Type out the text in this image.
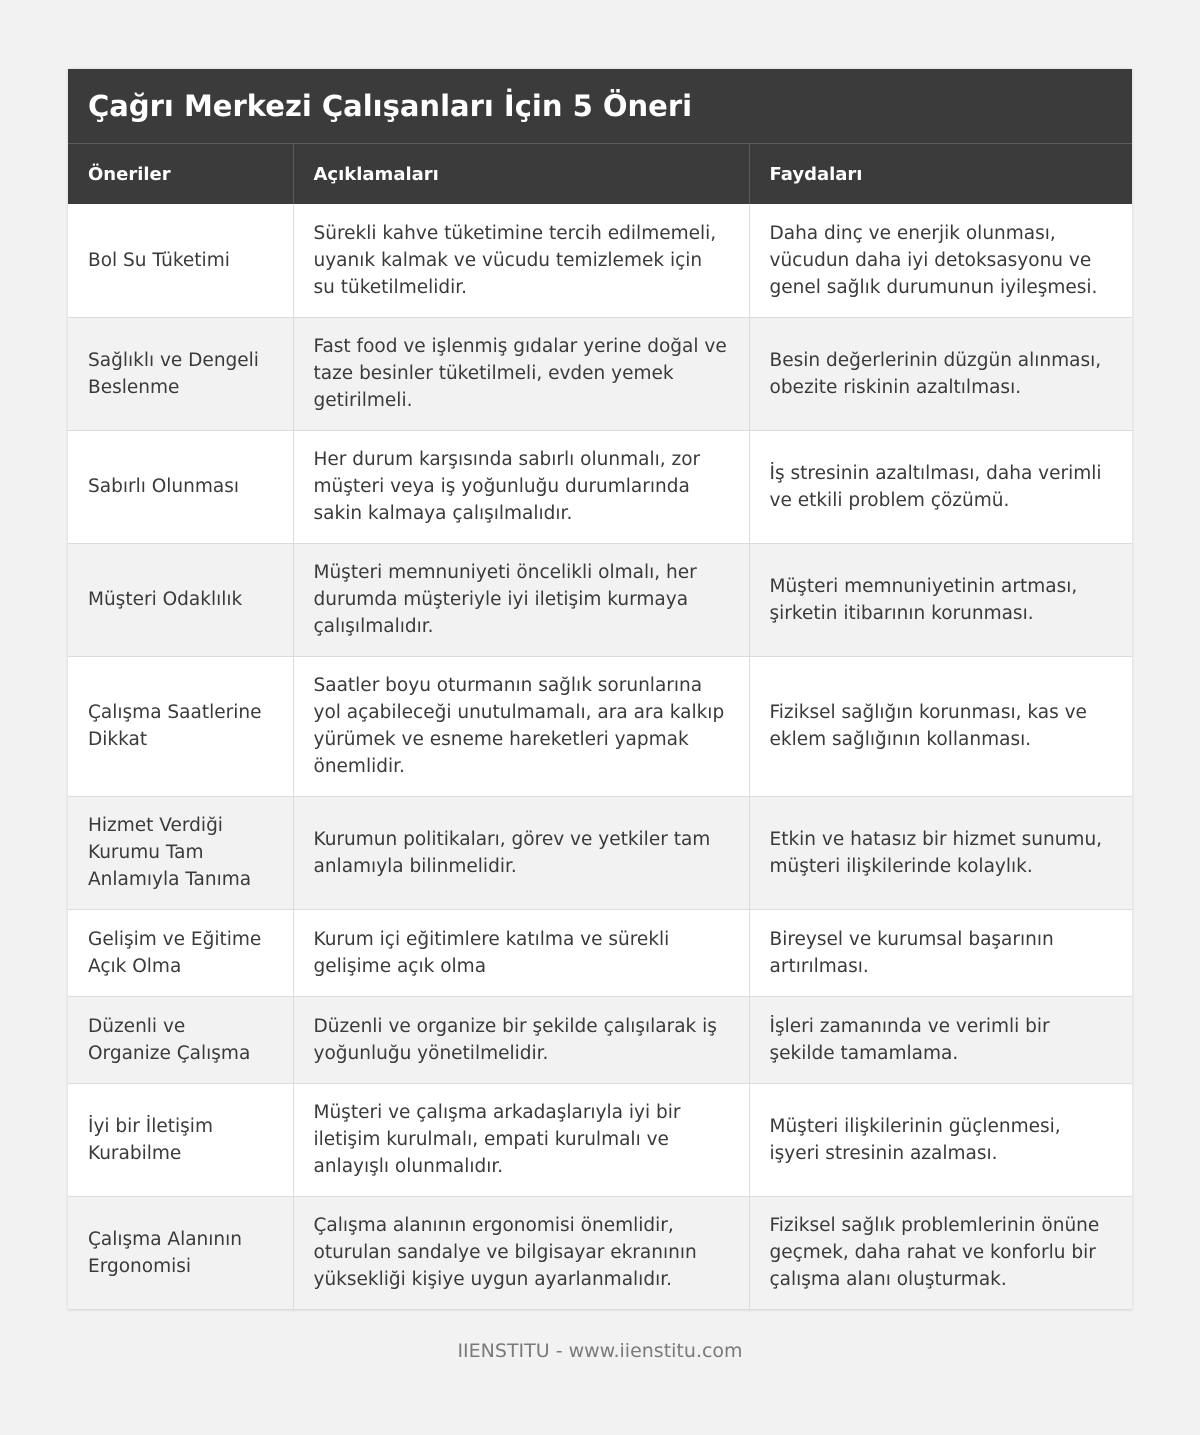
Çağrı Merkezi Çalışanları İçin 5 Öneri
Öneriler	Açıklamaları	Faydaları
Bol Su Tüketimi	Sürekli kahve tüketimine tercih edilmemeli, uyanık kalmak ve vücudu temizlemek için su tüketilmelidir.	Daha dinç ve enerjik olunması, vücudun daha iyi detoksasyonu ve genel sağlık durumunun iyileşmesi.
Sağlıklı ve Dengeli Beslenme	Fast food ve işlenmiş gıdalar yerine doğal ve taze besinler tüketilmeli, evden yemek getirilmeli.	Besin değerlerinin düzgün alınması, obezite riskinin azaltılması.
Sabırlı Olunması	Her durum karşısında sabırlı olunmalı, zor müşteri veya iş yoğunluğu durumlarında sakin kalmaya çalışılmalıdır.	İş stresinin azaltılması, daha verimli ve etkili problem çözümü.
Müşteri Odaklılık	Müşteri memnuniyeti öncelikli olmalı, her durumda müşteriyle iyi iletişim kurmaya çalışılmalıdır.	Müşteri memnuniyetinin artması, şirketin itibarının korunması.
Çalışma Saatlerine Dikkat	Saatler boyu oturmanın sağlık sorunlarına yol açabileceği unutulmamalı, ara ara kalkıp yürümek ve esneme hareketleri yapmak önemlidir.	Fiziksel sağlığın korunması, kas ve eklem sağlığının kollanması.
Hizmet Verdiği Kurumu Tam Anlamıyla Tanıma	Kurumun politikaları, görev ve yetkiler tam anlamıyla bilinmelidir.	Etkin ve hatasız bir hizmet sunumu, müşteri ilişkilerinde kolaylık.
Gelişim ve Eğitime Açık Olma	Kurum içi eğitimlere katılma ve sürekli gelişime açık olma	Bireysel ve kurumsal başarının artırılması.
Düzenli ve Organize Çalışma	Düzenli ve organize bir şekilde çalışılarak iş yoğunluğu yönetilmelidir.	İşleri zamanında ve verimli bir şekilde tamamlama.
İyi bir İletişim Kurabilme	Müşteri ve çalışma arkadaşlarıyla iyi bir iletişim kurulmalı, empati kurulmalı ve anlayışlı olunmalıdır.	Müşteri ilişkilerinin güçlenmesi, işyeri stresinin azalması.
Çalışma Alanının Ergonomisi	Çalışma alanının ergonomisi önemlidir, oturulan sandalye ve bilgisayar ekranının yüksekliği kişiye uygun ayarlanmalıdır.	Fiziksel sağlık problemlerinin önüne geçmek, daha rahat ve konforlu bir çalışma alanı oluşturmak.
IIENSTITU - www.iienstitu.com
